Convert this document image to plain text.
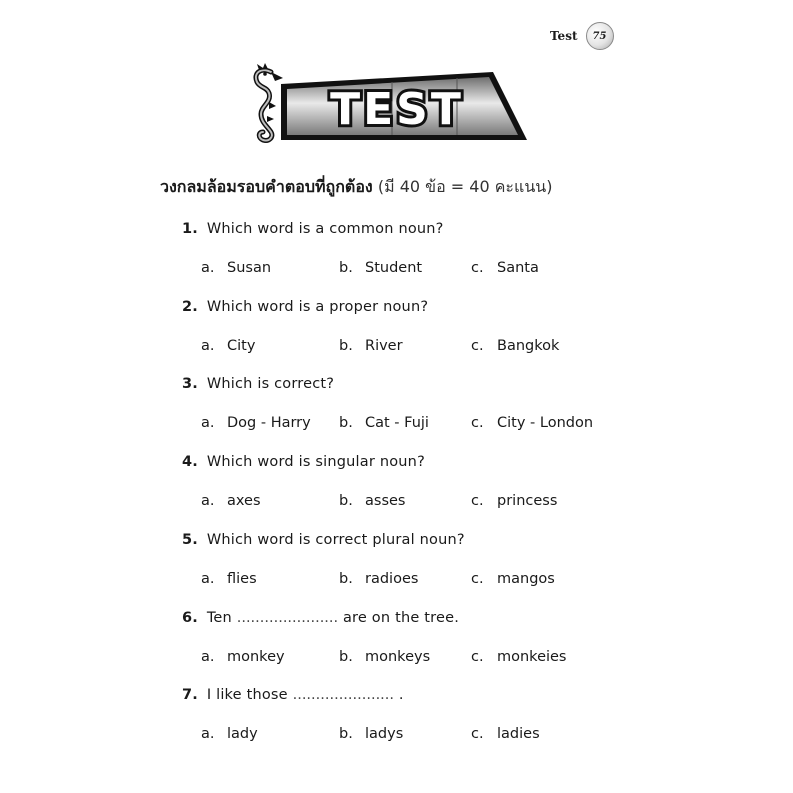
Test	75
TEST
วงกลมล้อมรอบคำตอบที่ถูกต้อง (มี 40 ข้อ = 40 คะแนน)
1. Which word is a common noun?
a. Susan	b. Student	c. Santa
2. Which word is a proper noun?
a. City	b. River	c. Bangkok
3. Which is correct?
a. Dog - Harry b. Cat - Fuji	c. City - London
4. Which word is singular noun?
a. axes	b. asses	c. princess
5. Which word is correct plural noun?
a. flies	b. radioes	c. mangos
6. Ten ...................... are on the tree.
a. monkey	b. monkeys	c. monkeies
7. I like those ...................... .
a. lady	b. ladys	c. ladies
